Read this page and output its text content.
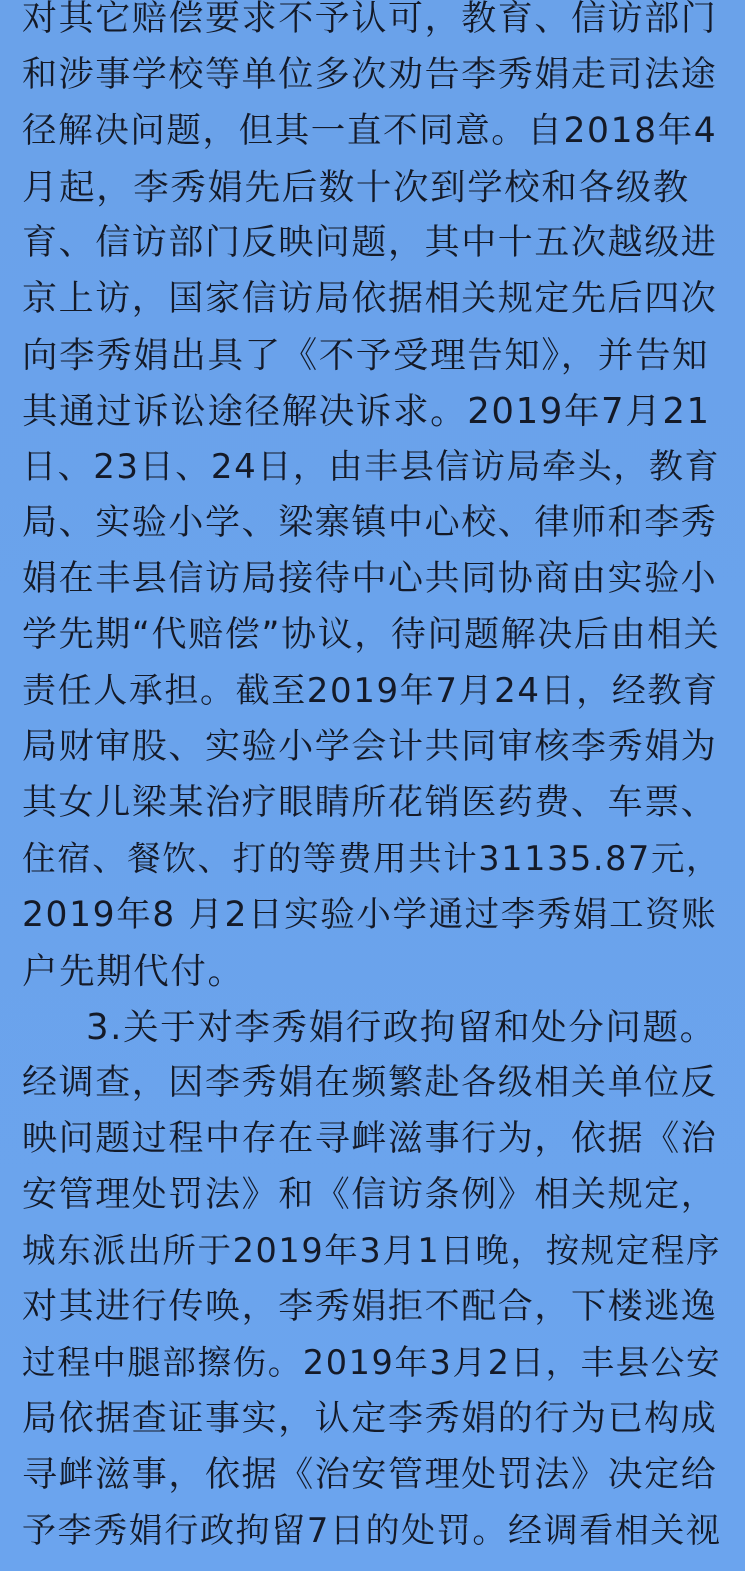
对其它赔偿要求不予认可，教育、信访部门
和涉事学校等单位多次劝告李秀娟走司法途
径解决问题，但其一直不同意。自2018年4
月起，李秀娟先后数十次到学校和各级教
育、信访部门反映问题，其中十五次越级进
京上访，国家信访局依据相关规定先后四次
向李秀娟出具了《不予受理告知》，并告知
其通过诉讼途径解决诉求。2019年7月21
日、23日、24日，由丰县信访局牵头，教育
局、实验小学、梁寨镇中心校、律师和李秀
娟在丰县信访局接待中心共同协商由实验小
学先期“代赔偿”协议，待问题解决后由相关
责任人承担。截至2019年7月24日，经教育
局财审股、实验小学会计共同审核李秀娟为
其女儿梁某治疗眼睛所花销医药费、车票、
住宿、餐饮、打的等费用共计31135.87元，
2019年8 月2日实验小学通过李秀娟工资账
户先期代付。
3.关于对李秀娟行政拘留和处分问题。
经调查，因李秀娟在频繁赴各级相关单位反
映问题过程中存在寻衅滋事行为，依据《治
安管理处罚法》和《信访条例》相关规定，
城东派出所于2019年3月1日晚，按规定程序
对其进行传唤，李秀娟拒不配合，下楼逃逸
过程中腿部擦伤。2019年3月2日，丰县公安
局依据查证事实，认定李秀娟的行为已构成
寻衅滋事，依据《治安管理处罚法》决定给
予李秀娟行政拘留7日的处罚。经调看相关视
